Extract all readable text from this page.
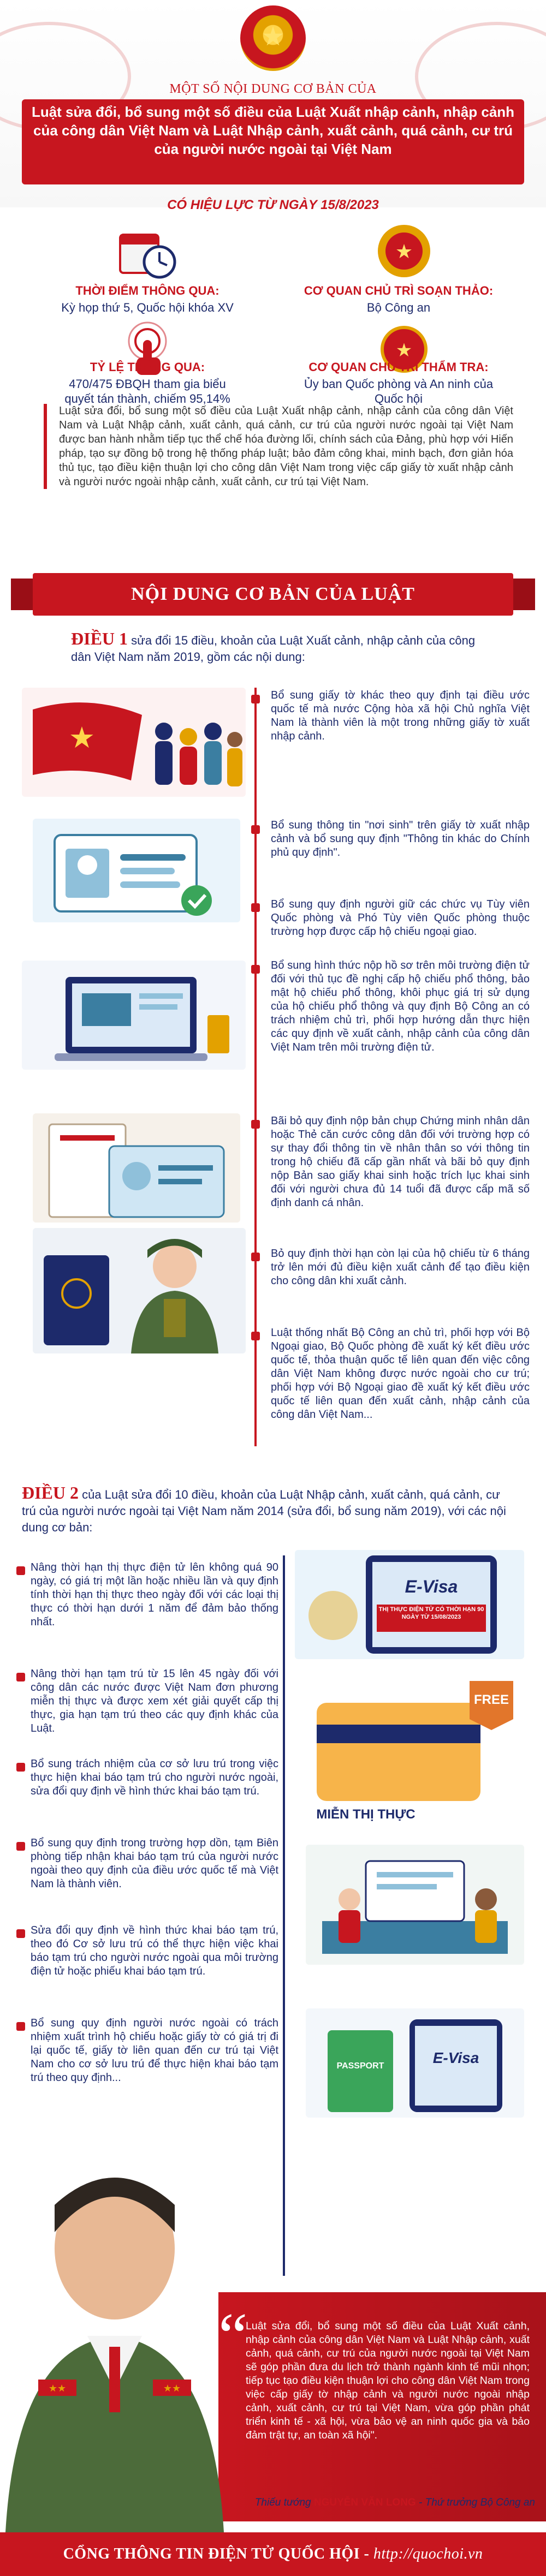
★
MỘT SỐ NỘI DUNG CƠ BẢN CỦA
Luật sửa đổi, bổ sung một số điều của Luật Xuất nhập cảnh, nhập cảnh của công dân Việt Nam và Luật Nhập cảnh, xuất cảnh, quá cảnh, cư trú của người nước ngoài tại Việt Nam
CÓ HIỆU LỰC TỪ NGÀY 15/8/2023
THỜI ĐIỂM THÔNG QUA:
Kỳ họp thứ 5, Quốc hội khóa XV
★
CƠ QUAN CHỦ TRÌ SOẠN THẢO:
Bộ Công an
TỶ LỆ THÔNG QUA:
470/475 ĐBQH tham gia biểu quyết tán thành, chiếm 95,14%
★
CƠ QUAN CHỦ TRÌ THẨM TRA:
Ủy ban Quốc phòng và An ninh của Quốc hội
Luật sửa đổi, bổ sung một số điều của Luật Xuất nhập cảnh, nhập cảnh của công dân Việt Nam và Luật Nhập cảnh, xuất cảnh, quá cảnh, cư trú của người nước ngoài tại Việt Nam được ban hành nhằm tiếp tục thể chế hóa đường lối, chính sách của Đảng, phù hợp với Hiến pháp, tạo sự đồng bộ trong hệ thống pháp luật; bảo đảm công khai, minh bạch, đơn giản hóa thủ tục, tạo điều kiện thuận lợi cho công dân Việt Nam trong việc cấp giấy tờ xuất nhập cảnh và người nước ngoài nhập cảnh, xuất cảnh, cư trú tại Việt Nam.
NỘI DUNG CƠ BẢN CỦA LUẬT
ĐIỀU 1 sửa đổi 15 điều, khoản của Luật Xuất cảnh, nhập cảnh của công dân Việt Nam năm 2019, gồm các nội dung:
★
Bổ sung giấy tờ khác theo quy định tại điều ước quốc tế mà nước Cộng hòa xã hội Chủ nghĩa Việt Nam là thành viên là một trong những giấy tờ xuất nhập cảnh.
Bổ sung thông tin "nơi sinh" trên giấy tờ xuất nhập cảnh và bổ sung quy định "Thông tin khác do Chính phủ quy định".
Bổ sung quy định người giữ các chức vụ Tùy viên Quốc phòng và Phó Tùy viên Quốc phòng thuộc trường hợp được cấp hộ chiếu ngoại giao.
Bổ sung hình thức nộp hồ sơ trên môi trường điện tử đối với thủ tục đề nghị cấp hộ chiếu phổ thông, bảo mật hộ chiếu phổ thông, khôi phục giá trị sử dụng của hộ chiếu phổ thông và quy định Bộ Công an có trách nhiệm chủ trì, phối hợp hướng dẫn thực hiện các quy định về xuất cảnh, nhập cảnh của công dân Việt Nam trên môi trường điện tử.
Bãi bỏ quy định nộp bản chụp Chứng minh nhân dân hoặc Thẻ căn cước công dân đối với trường hợp có sự thay đổi thông tin về nhân thân so với thông tin trong hộ chiếu đã cấp gần nhất và bãi bỏ quy định nộp Bản sao giấy khai sinh hoặc trích lục khai sinh đối với người chưa đủ 14 tuổi đã được cấp mã số định danh cá nhân.
Bỏ quy định thời hạn còn lại của hộ chiếu từ 6 tháng trở lên mới đủ điều kiện xuất cảnh để tạo điều kiện cho công dân khi xuất cảnh.
Luật thống nhất Bộ Công an chủ trì, phối hợp với Bộ Ngoại giao, Bộ Quốc phòng đề xuất ký kết điều ước quốc tế, thỏa thuận quốc tế liên quan đến việc công dân Việt Nam không được nước ngoài cho cư trú; phối hợp với Bộ Ngoại giao đề xuất ký kết điều ước quốc tế liên quan đến xuất cảnh, nhập cảnh của công dân Việt Nam...
ĐIỀU 2 của Luật sửa đổi 10 điều, khoản của Luật Nhập cảnh, xuất cảnh, quá cảnh, cư trú của người nước ngoài tại Việt Nam năm 2014 (sửa đổi, bổ sung năm 2019), với các nội dung cơ bản:
Nâng thời hạn thị thực điện tử lên không quá 90 ngày, có giá trị một lần hoặc nhiều lần và quy định tính thời hạn thị thực theo ngày đối với các loại thị thực có thời hạn dưới 1 năm để đảm bảo thống nhất.
E-Visa
THỊ THỰC ĐIỆN TỬ CÓ THỜI HẠN 90 NGÀY TỪ 15/08/2023
Nâng thời hạn tạm trú từ 15 lên 45 ngày đối với công dân các nước được Việt Nam đơn phương miễn thị thực và được xem xét giải quyết cấp thị thực, gia hạn tạm trú theo các quy định khác của Luật.
FREE
MIỄN THỊ THỰC
Bổ sung trách nhiệm của cơ sở lưu trú trong việc thực hiện khai báo tạm trú cho người nước ngoài, sửa đổi quy định về hình thức khai báo tạm trú.
Bổ sung quy định trong trường hợp dồn, tạm Biên phòng tiếp nhận khai báo tạm trú của người nước ngoài theo quy định của điều ước quốc tế mà Việt Nam là thành viên.
Sửa đổi quy định về hình thức khai báo tạm trú, theo đó Cơ sở lưu trú có thể thực hiện việc khai báo tạm trú cho người nước ngoài qua môi trường điện tử hoặc phiếu khai báo tạm trú.
Bổ sung quy định người nước ngoài có trách nhiệm xuất trình hộ chiếu hoặc giấy tờ có giá trị đi lại quốc tế, giấy tờ liên quan đến cư trú tại Việt Nam cho cơ sở lưu trú để thực hiện khai báo tạm trú theo quy định...
PASSPORT	E-Visa
★★	★★
“
Luật sửa đổi, bổ sung một số điều của Luật Xuất cảnh, nhập cảnh của công dân Việt Nam và Luật Nhập cảnh, xuất cảnh, quá cảnh, cư trú của người nước ngoài tại Việt Nam sẽ góp phần đưa du lịch trở thành ngành kinh tế mũi nhọn; tiếp tục tạo điều kiện thuận lợi cho công dân Việt Nam trong việc cấp giấy tờ nhập cảnh và người nước ngoài nhập cảnh, xuất cảnh, cư trú tại Việt Nam, vừa góp phần phát triển kinh tế - xã hội, vừa bảo vệ an ninh quốc gia và bảo đảm trật tự, an toàn xã hội".
Thiếu tướng NGUYỄN VĂN LONG - Thứ trưởng Bộ Công an
CỔNG THÔNG TIN ĐIỆN TỬ QUỐC HỘI - http://quochoi.vn
